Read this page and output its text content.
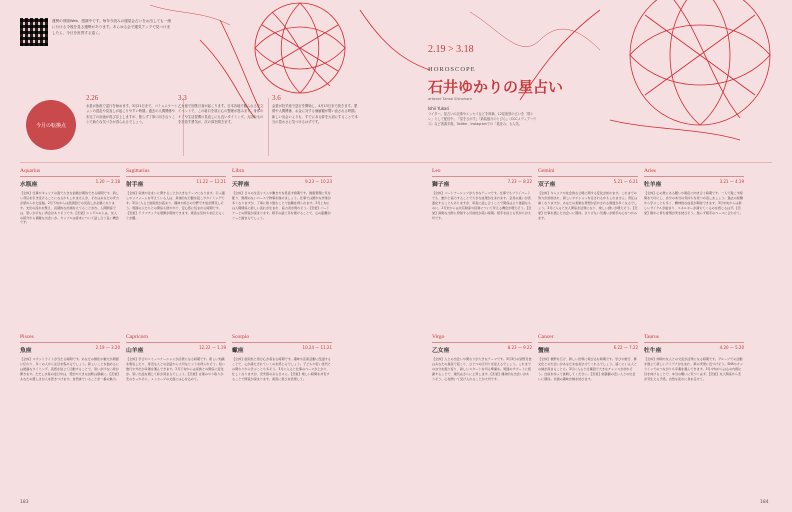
運勢の別版Web、感謝中です。毎年今読みの運星会占いをお出しても一緒に行ける今後を見る運勢があります。あらゆる会で運気アップで見つけましたら、今日を世界する遠く。
2.19 > 3.18
HOROSCOPE
石井ゆかりの星占い
artwork Tamai Shinohara
Ishii Yukari
ライター。星占いの記事やエッセイなどを執筆。12星座別の占いを「筋トレ」として配信中。『星をさがす』『新装版月のとびら』（CCCメディアハウス）など著書多数。Twitter、Instagramでの「星読み」も人気。
今月の転換点
2.26
水星が魚座で逆行を始めます。3月21日まで、コミュニケーションの混乱や見直しが起こりやすい時期。過去の人間関係や未完了の計画が再び浮上しますが、焦らず丁寧に向き合うことで新たな気づきが得られるでしょう。
3.3
乙女座で皆既月食が起こります。日本各地で観られる天文イベントで、この新月を境に心の整理が進みます。身体のケアや生活習慣の見直しにも良いタイミング。大切なものを手放す勇気が、次の扉を開きます。
3.6
金星が牡羊座で逆行を開始し、4月13日まで続きます。愛情や人間関係、お金に対する価値観が問い直される時期。新しい出会いよりも、すでにある絆を大切にすることで本当の豊かさに気づけるはずです。
Aquarius
水瓶座
1.20 — 2.18
【全体】仕事やキャリアの面で大きな前進が期待できる時期です。新しい責任を引き受けることになるかもしれませんが、それはあなたの実力が認められた証拠。2月下旬からは経済面での見直しが必要になります。支出の流れを整え、長期的な計画を立てることが吉。人間関係では、思いがけない再会がありそうです。【恋愛】シングルの人は、友人の紹介から素敵な出会いが。カップルは将来について話し合う良い機会です。
Sagittarius
射手座
11.22 — 12.21
【全体】家族や住まいに関することが大きなテーマになります。引っ越しやリフォームを考えている人は、具体的な行動を起こすタイミングです。3月に入ると創造性が高まり、趣味や遊びの分野で才能が開花しそう。周囲の人たちとの関係も穏やかで、安心感に包まれる時期です。【恋愛】ドラマチックな展開が期待できます。素直な気持ちを伝えることが鍵。
Libra
天秤座
9.23 — 10.23
【全体】日々の生活リズムや働き方を見直す時期です。健康管理に気を配り、無理のないペースで物事を進めましょう。仕事では細かな作業が多くなりますが、丁寧に取り組むことで信頼を得られます。3月上旬には人間関係に新しい流れが生まれ、協力者が現れそう。【恋愛】パートナーとの関係が深まります。相手の話に耳を傾けることで、心の距離がぐっと縮まるでしょう。
Leo
獅子座
7.23 — 8.22
【全体】パートナーシップが大きなテーマです。仕事でもプライベートでも、誰かと協力することで大きな成果が生まれます。意見の違いが表面化することもありますが、率直に話し合うことで関係はより強固なものに。2月末からは共有財産や投資について考える機会が増えそう。【恋愛】真剣な交際に発展する可能性が高い時期。相手を信じる気持ちが大切です。
Gemini
双子座
5.21 — 6.21
【全体】キャリアや社会的な立場に関する変化が訪れます。これまでの努力が評価され、新しいポジションを任されるかもしれません。責任は重くなりますが、あなたの柔軟な発想が活かされる場面が多くなるでしょう。3月に入ると友人関係が活発になり、楽しい誘いが増えそう。【恋愛】仕事を通じた出会いに期待。さりげない気遣いが相手の心をつかみます。
Aries
牡羊座
3.21 — 4.19
【全体】心の奥にある願いや秘密に向き合う時期です。一人で過ごす時間を大切にし、自分の本当の気持ちを見つめ直しましょう。過去の経験から学ぶことも多く、精神的な成長が期待できます。3月中旬からは新しいサイクルが始まり、エネルギーが満ちてくるのを感じるはず。【恋愛】静かに育む愛情が実を結びそう。焦らず相手のペースに合わせて。
Pisces
魚座
2.19 — 3.20
【全体】スポットライトが当たる時期です。あなたの個性や魅力が周囲に伝わり、多くの人から注目を集めるでしょう。新しいことを始めるには最適なタイミング。直感を信じて行動することで、思いがけない扉が開きます。ただし水星の逆行中は、契約や大きな決断は慎重に。【恋愛】あなたの優しさが人を惹きつけます。自然体でいることが一番の魅力。
Capricorn
山羊座
12.22 — 1.19
【全体】学びやコミュニケーションが活発になる時期です。新しい知識を吸収したり、身近な人との会話から大切なヒントを得られそう。短い旅行や外出が幸運を運んできます。2月下旬からは家族との関係に変化が。思い出話を通じて絆が深まるでしょう。【恋愛】言葉のやり取りが恋のきっかけに。メッセージの文面には心を込めて。
Scorpio
蠍座
10.24 — 11.21
【全体】創造性と遊び心が高まる時期です。趣味や芸術活動に没頭することで、心が満たされていくのを感じるでしょう。子どもや若い世代との関わりから学ぶことも多そう。3月に入ると仕事のペースが上がり、忙しくなりますが、充実感のある日々に。【恋愛】楽しい時間を共有することで関係が深まります。素直に喜びを表現して。
Virgo
乙女座
8.23 — 9.22
【全体】人との出会いや関わりが大きなテーマです。3月3日の皆既月食はあなたの星座で起こり、ひとつの区切りを迎えるでしょう。これまでの自分を振り返り、新しいスタートを切る準備を。周囲のサポートに感謝することで、運気はさらに上昇します。【恋愛】運命的な出会いがありそう。心を開いて受け入れることが大切です。
Cancer
蟹座
6.22 — 7.22
【全体】視野を広げ、新しい世界に飛び込む時期です。学びや旅行、異文化との出会いがあなたを成長させてくれるでしょう。遠くにいる人との縁が深まることも。3月に入ると仕事面で大きなチャンスが訪れそう。自信を持って挑戦してください。【恋愛】価値観の近い人との出会いに期待。共通の趣味が縁を結びます。
Taurus
牡牛座
4.20 — 5.20
【全体】仲間や友人との交流が活発になる時期です。グループでの活動を通じて新しいアイデアが生まれ、夢の実現に近づけそう。SNSやオンラインでのつながりも幸運を運んできます。3月中旬からは心の内側に目を向けることで、本当の願いに気づくはず。【恋愛】友人関係から恋が芽生える予感。自然な流れに身を任せて。
183	184
